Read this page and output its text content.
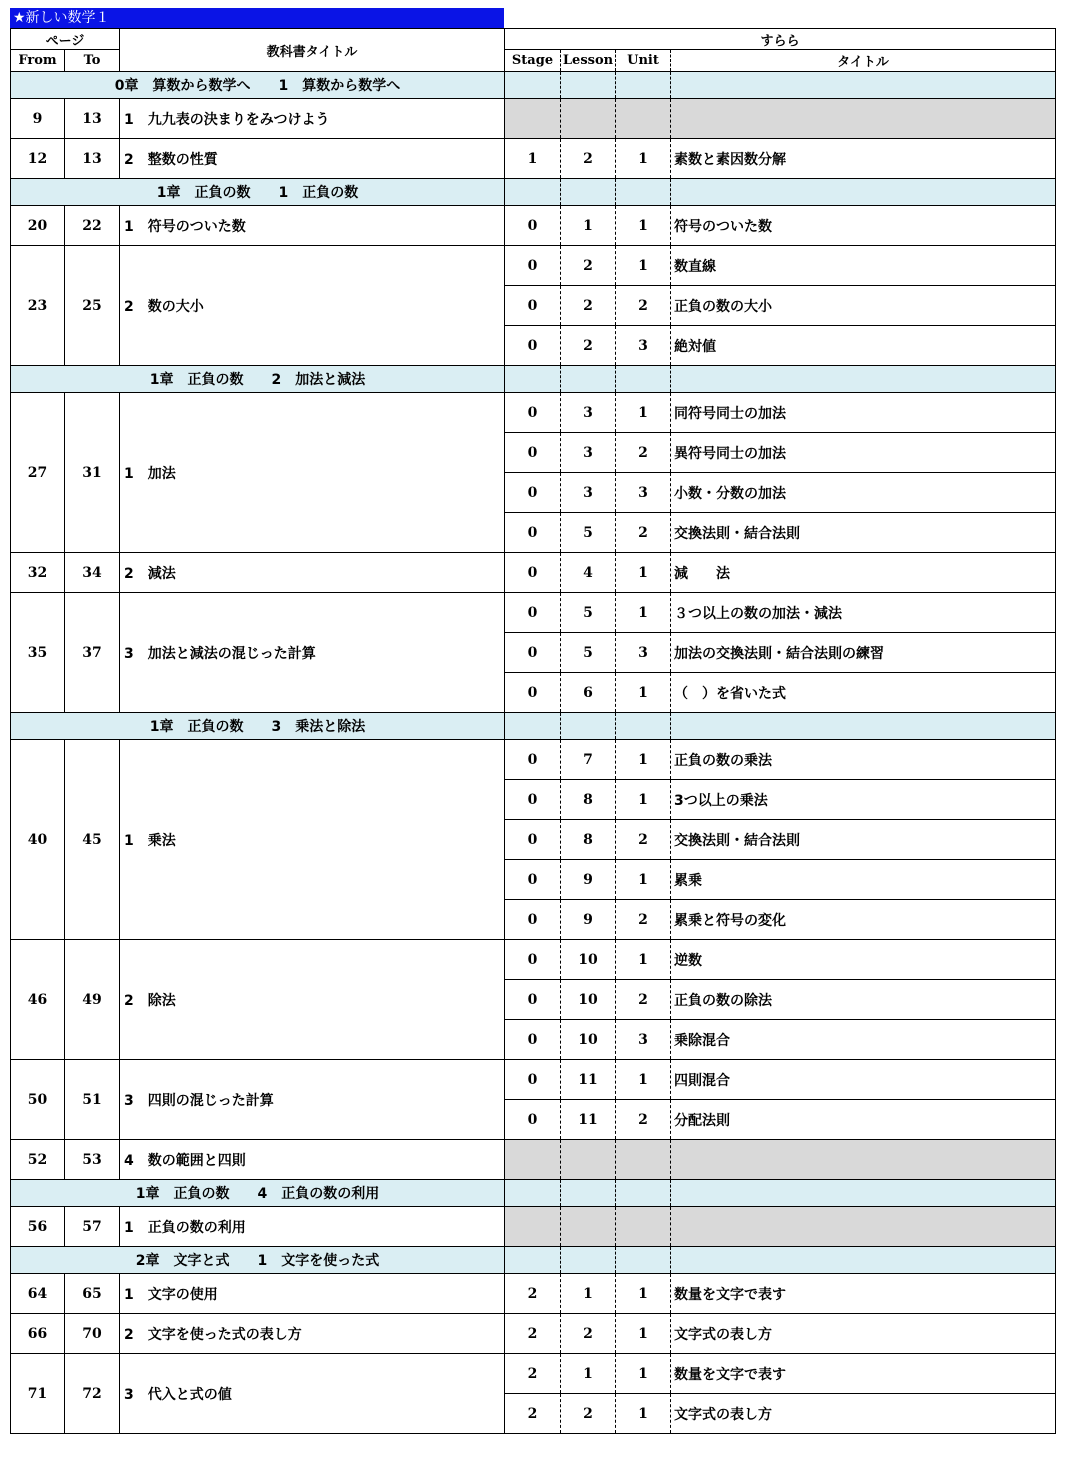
★新しい数学１
ページ		教科書タイトル	すらら			
From	To		Stage	Lesson	Unit	タイトル
0章　算数から数学へ　　1　算数から数学へ						
9	13	1　九九表の決まりをみつけよう				
12	13	2　整数の性質	1	2	1	素数と素因数分解
1章　正負の数　　1　正負の数						
20	22	1　符号のついた数	0	1	1	符号のついた数
23	25	2　数の大小	0	2	1	数直線
			0	2	2	正負の数の大小
			0	2	3	絶対値
1章　正負の数　　2　加法と減法						
27	31	1　加法	0	3	1	同符号同士の加法
			0	3	2	異符号同士の加法
			0	3	3	小数・分数の加法
			0	5	2	交換法則・結合法則
32	34	2　減法	0	4	1	減　　法
35	37	3　加法と減法の混じった計算	0	5	1	３つ以上の数の加法・減法
			0	5	3	加法の交換法則・結合法則の練習
			0	6	1	（　）を省いた式
1章　正負の数　　3　乗法と除法						
40	45	1　乗法	0	7	1	正負の数の乗法
			0	8	1	3つ以上の乗法
			0	8	2	交換法則・結合法則
			0	9	1	累乗
			0	9	2	累乗と符号の変化
46	49	2　除法	0	10	1	逆数
			0	10	2	正負の数の除法
			0	10	3	乗除混合
50	51	3　四則の混じった計算	0	11	1	四則混合
			0	11	2	分配法則
52	53	4　数の範囲と四則				
1章　正負の数　　4　正負の数の利用						
56	57	1　正負の数の利用				
2章　文字と式　　1　文字を使った式						
64	65	1　文字の使用	2	1	1	数量を文字で表す
66	70	2　文字を使った式の表し方	2	2	1	文字式の表し方
71	72	3　代入と式の値	2	1	1	数量を文字で表す
			2	2	1	文字式の表し方
